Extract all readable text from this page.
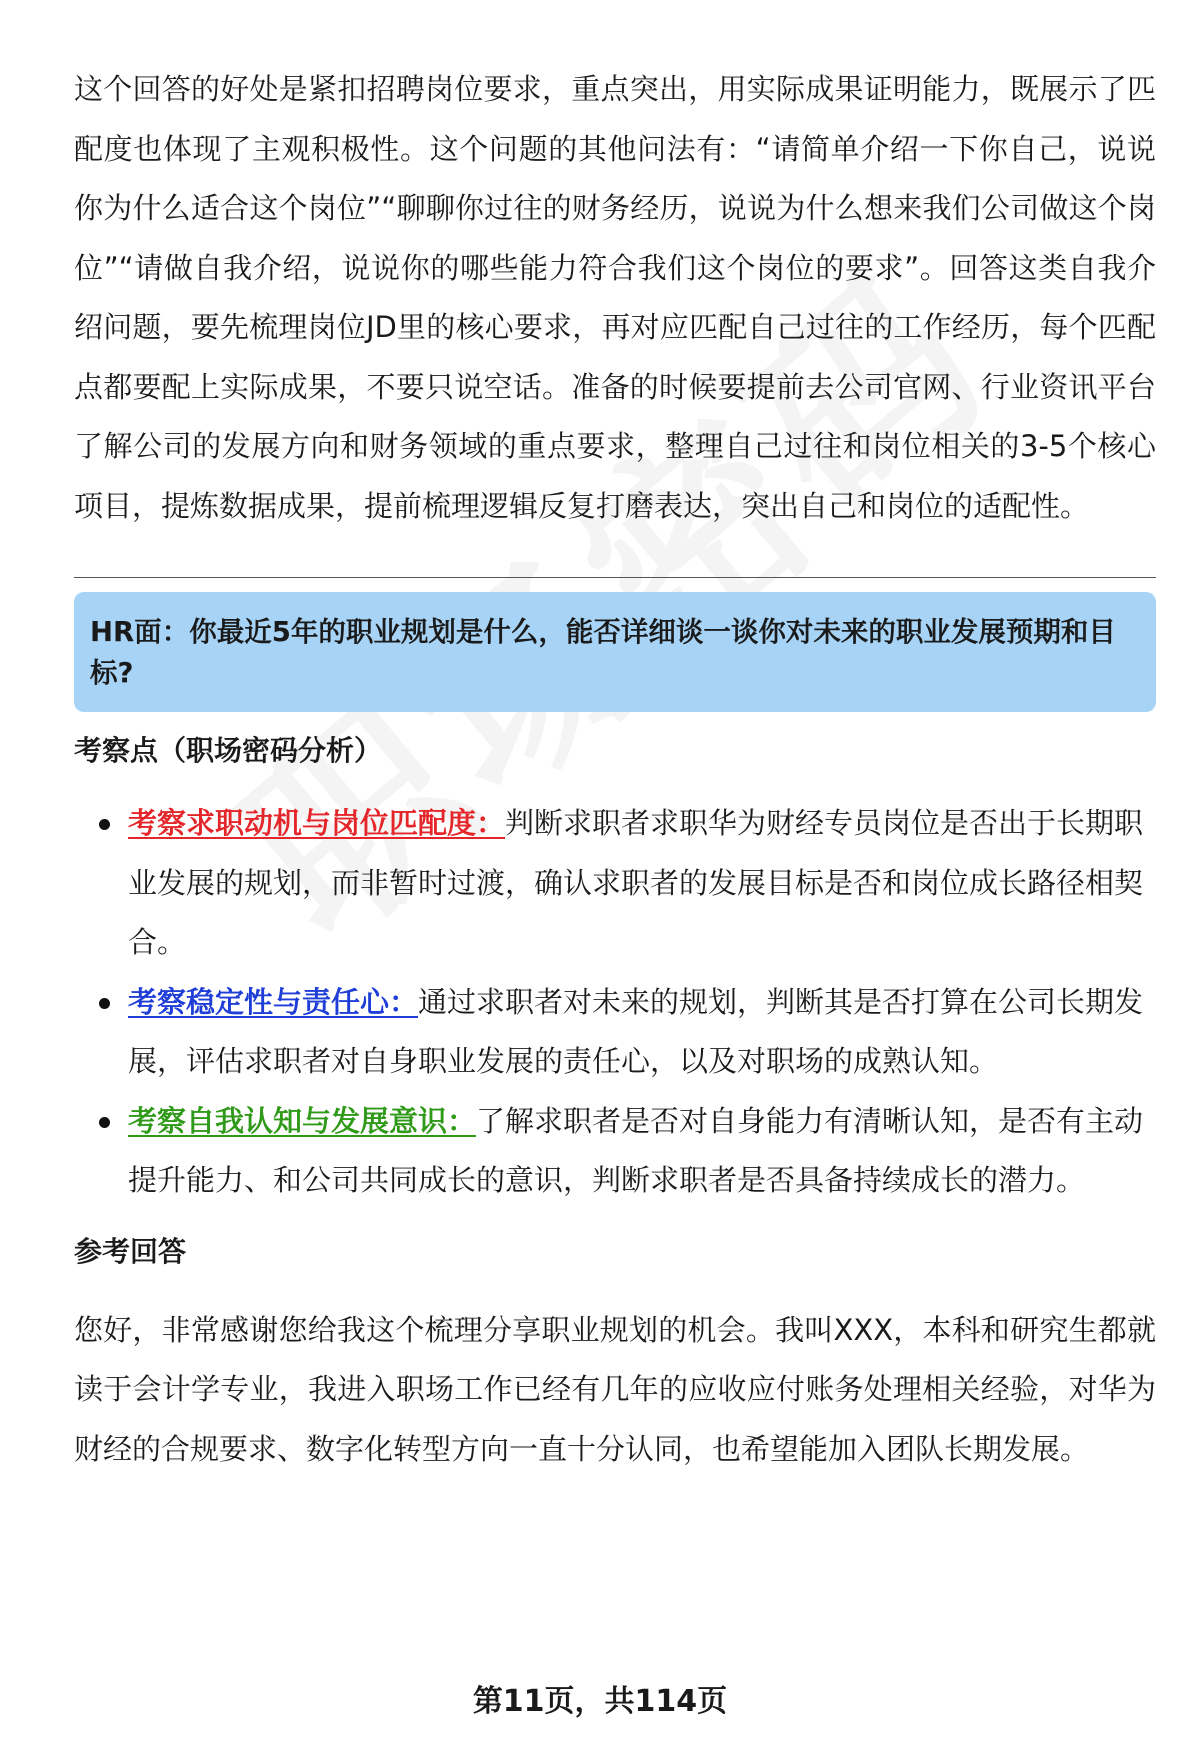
这个回答的好处是紧扣招聘岗位要求，重点突出，用实际成果证明能力，既展示了匹配度也体现了主观积极性。这个问题的其他问法有：“请简单介绍一下你自己，说说你为什么适合这个岗位”“聊聊你过往的财务经历，说说为什么想来我们公司做这个岗位”“请做自我介绍，说说你的哪些能力符合我们这个岗位的要求”。回答这类自我介绍问题，要先梳理岗位JD里的核心要求，再对应匹配自己过往的工作经历，每个匹配点都要配上实际成果，不要只说空话。准备的时候要提前去公司官网、行业资讯平台了解公司的发展方向和财务领域的重点要求，整理自己过往和岗位相关的3-5个核心项目，提炼数据成果，提前梳理逻辑反复打磨表达，突出自己和岗位的适配性。

HR面：你最近5年的职业规划是什么，能否详细谈一谈你对未来的职业发展预期和目标?
考察点（职场密码分析）
考察求职动机与岗位匹配度：判断求职者求职华为财经专员岗位是否出于长期职业发展的规划，而非暂时过渡，确认求职者的发展目标是否和岗位成长路径相契合。
考察稳定性与责任心：通过求职者对未来的规划，判断其是否打算在公司长期发展，评估求职者对自身职业发展的责任心，以及对职场的成熟认知。
考察自我认知与发展意识：了解求职者是否对自身能力有清晰认知，是否有主动提升能力、和公司共同成长的意识，判断求职者是否具备持续成长的潜力。
参考回答

您好，非常感谢您给我这个梳理分享职业规划的机会。我叫XXX，本科和研究生都就读于会计学专业，我进入职场工作已经有几年的应收应付账务处理相关经验，对华为财经的合规要求、数字化转型方向一直十分认同，也希望能加入团队长期发展。

第11页，共114页
